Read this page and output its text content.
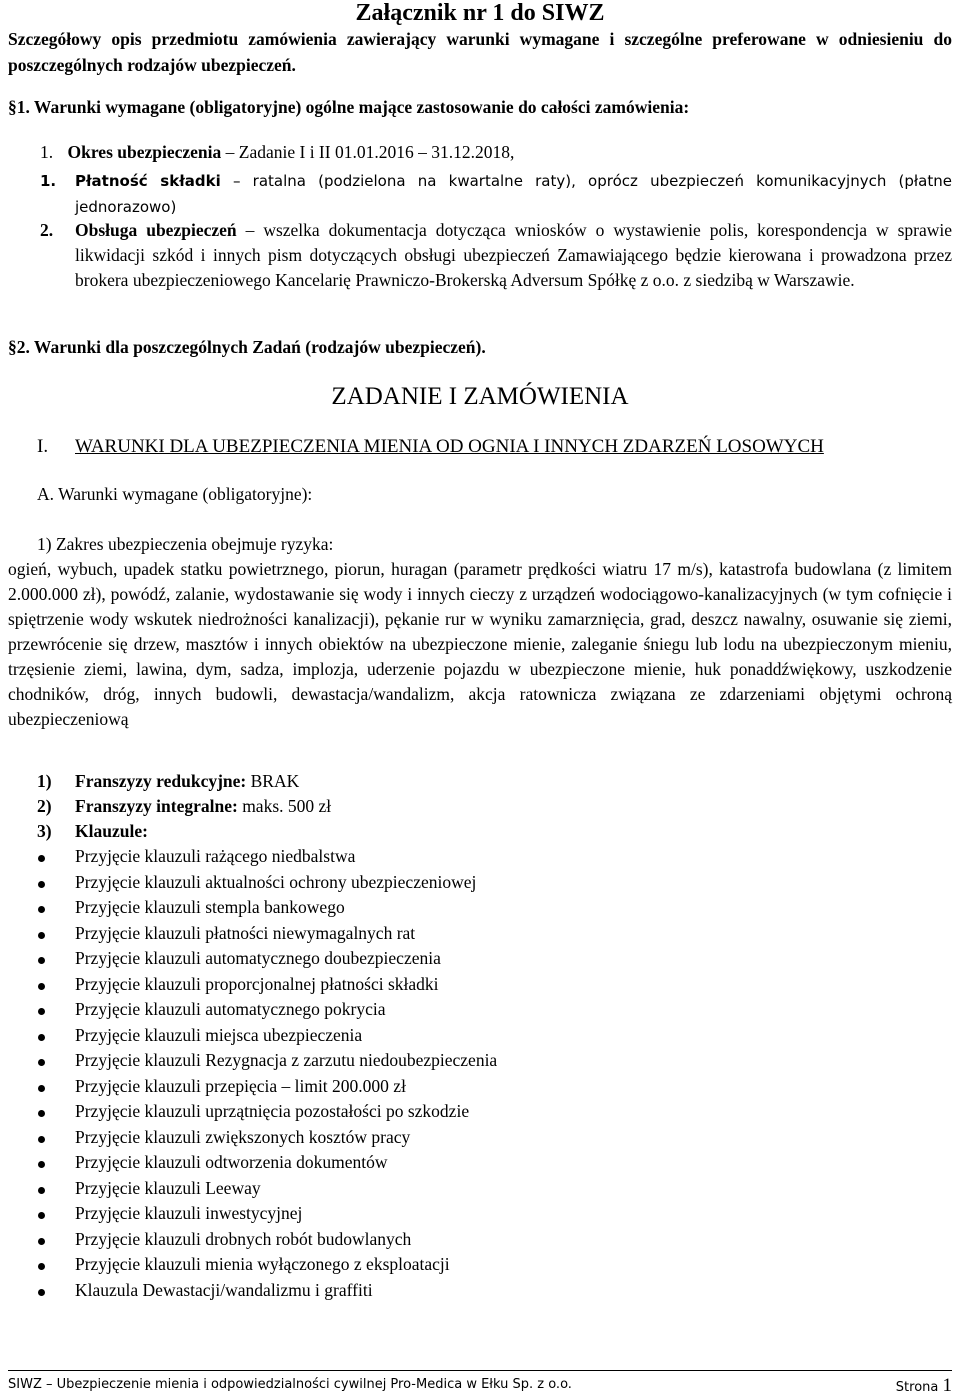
Załącznik nr 1 do SIWZ
Szczegółowy opis przedmiotu zamówienia zawierający warunki wymagane i szczególne preferowane w odniesieniu do poszczególnych rodzajów ubezpieczeń.
§1. Warunki wymagane (obligatoryjne) ogólne mające zastosowanie do całości zamówienia:
1. Okres ubezpieczenia – Zadanie I i II 01.01.2016 – 31.12.2018,
1. Płatność składki – ratalna (podzielona na kwartalne raty), oprócz ubezpieczeń komunikacyjnych (płatne jednorazowo)
2. Obsługa ubezpieczeń – wszelka dokumentacja dotycząca wniosków o wystawienie polis, korespondencja w sprawie likwidacji szkód i innych pism dotyczących obsługi ubezpieczeń Zamawiającego będzie kierowana i prowadzona przez brokera ubezpieczeniowego Kancelarię Prawniczo-Brokerską Adversum Spółkę z o.o. z siedzibą w Warszawie.
§2. Warunki dla poszczególnych Zadań (rodzajów ubezpieczeń).
ZADANIE I ZAMÓWIENIA
I. WARUNKI DLA UBEZPIECZENIA MIENIA OD OGNIA I INNYCH ZDARZEŃ LOSOWYCH
A. Warunki wymagane (obligatoryjne):
1) Zakres ubezpieczenia obejmuje ryzyka:
ogień, wybuch, upadek statku powietrznego, piorun, huragan (parametr prędkości wiatru 17 m/s), katastrofa budowlana (z limitem 2.000.000 zł), powódź, zalanie, wydostawanie się wody i innych cieczy z urządzeń wodociągowo-kanalizacyjnych (w tym cofnięcie i spiętrzenie wody wskutek niedrożności kanalizacji), pękanie rur w wyniku zamarznięcia, grad, deszcz nawalny, osuwanie się ziemi, przewrócenie się drzew, masztów i innych obiektów na ubezpieczone mienie, zaleganie śniegu lub lodu na ubezpieczonym mieniu, trzęsienie ziemi, lawina, dym, sadza, implozja, uderzenie pojazdu w ubezpieczone mienie, huk ponaddźwiękowy, uszkodzenie chodników, dróg, innych budowli, dewastacja/wandalizm, akcja ratownicza związana ze zdarzeniami objętymi ochroną ubezpieczeniową
1) Franszyzy redukcyjne: BRAK
2) Franszyzy integralne: maks. 500 zł
3) Klauzule:
Przyjęcie klauzuli rażącego niedbalstwa
Przyjęcie klauzuli aktualności ochrony ubezpieczeniowej
Przyjęcie klauzuli stempla bankowego
Przyjęcie klauzuli płatności niewymagalnych rat
Przyjęcie klauzuli automatycznego doubezpieczenia
Przyjęcie klauzuli proporcjonalnej płatności składki
Przyjęcie klauzuli automatycznego pokrycia
Przyjęcie klauzuli miejsca ubezpieczenia
Przyjęcie klauzuli Rezygnacja z zarzutu niedoubezpieczenia
Przyjęcie klauzuli przepięcia – limit 200.000 zł
Przyjęcie klauzuli uprzątnięcia pozostałości po szkodzie
Przyjęcie klauzuli zwiększonych kosztów pracy
Przyjęcie klauzuli odtworzenia dokumentów
Przyjęcie klauzuli Leeway
Przyjęcie klauzuli inwestycyjnej
Przyjęcie klauzuli drobnych robót budowlanych
Przyjęcie klauzuli mienia wyłączonego z eksploatacji
Klauzula Dewastacji/wandalizmu i graffiti
SIWZ – Ubezpieczenie mienia i odpowiedzialności cywilnej Pro-Medica w Ełku Sp. z o.o.	Strona 1
